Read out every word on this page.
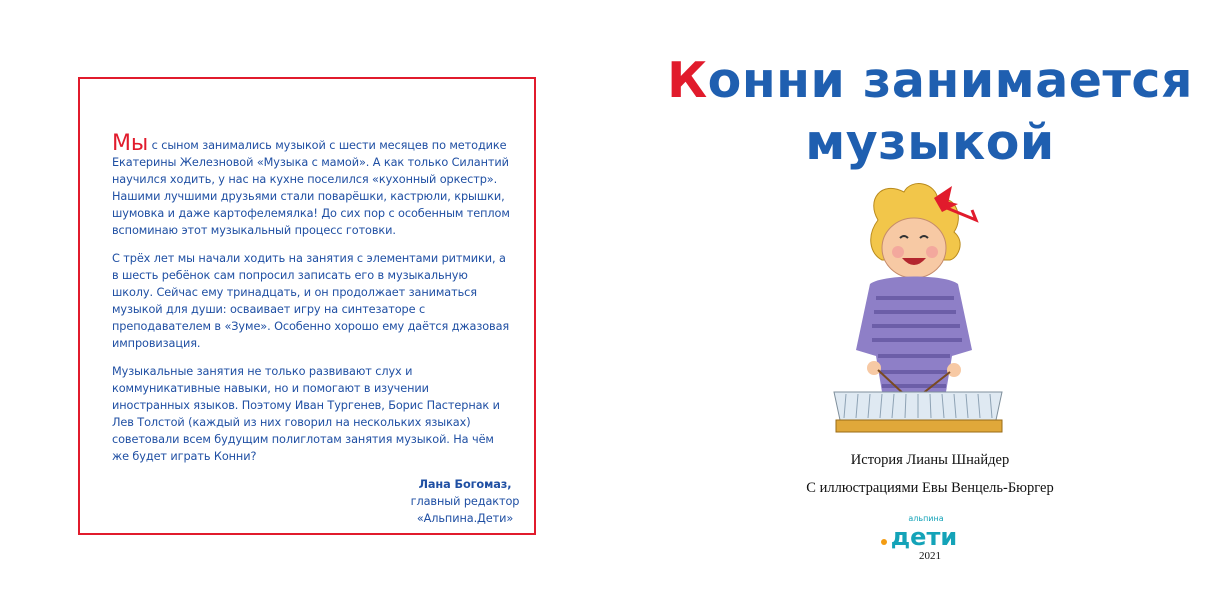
Мы с сыном занимались музыкой с шести месяцев по методике Екатерины Железновой «Музыка с мамой». А как только Силантий научился ходить, у нас на кухне поселился «кухонный оркестр». Нашими лучшими друзьями стали поварёшки, кастрюли, крышки, шумовка и даже картофелемялка! До сих пор с особенным теплом вспоминаю этот музыкальный процесс готовки.

С трёх лет мы начали ходить на занятия с элементами ритмики, а в шесть ребёнок сам попросил записать его в музыкальную школу. Сейчас ему тринадцать, и он продолжает заниматься музыкой для души: осваивает игру на синтезаторе с преподавателем в «Зуме». Особенно хорошо ему даётся джазовая импровизация.

Музыкальные занятия не только развивают слух и коммуникативные навыки, но и помогают в изучении иностранных языков. Поэтому Иван Тургенев, Борис Пастернак и Лев Толстой (каждый из них говорил на нескольких языках) советовали всем будущим полиглотам занятия музыкой. На чём же будет играть Конни?

Лана Богомаз,
главный редактор
«Альпина.Дети»
Конни занимается
музыкой
История Лианы Шнайдер
С иллюстрациями Евы Венцель-Бюргер
альпина
дети
2021
